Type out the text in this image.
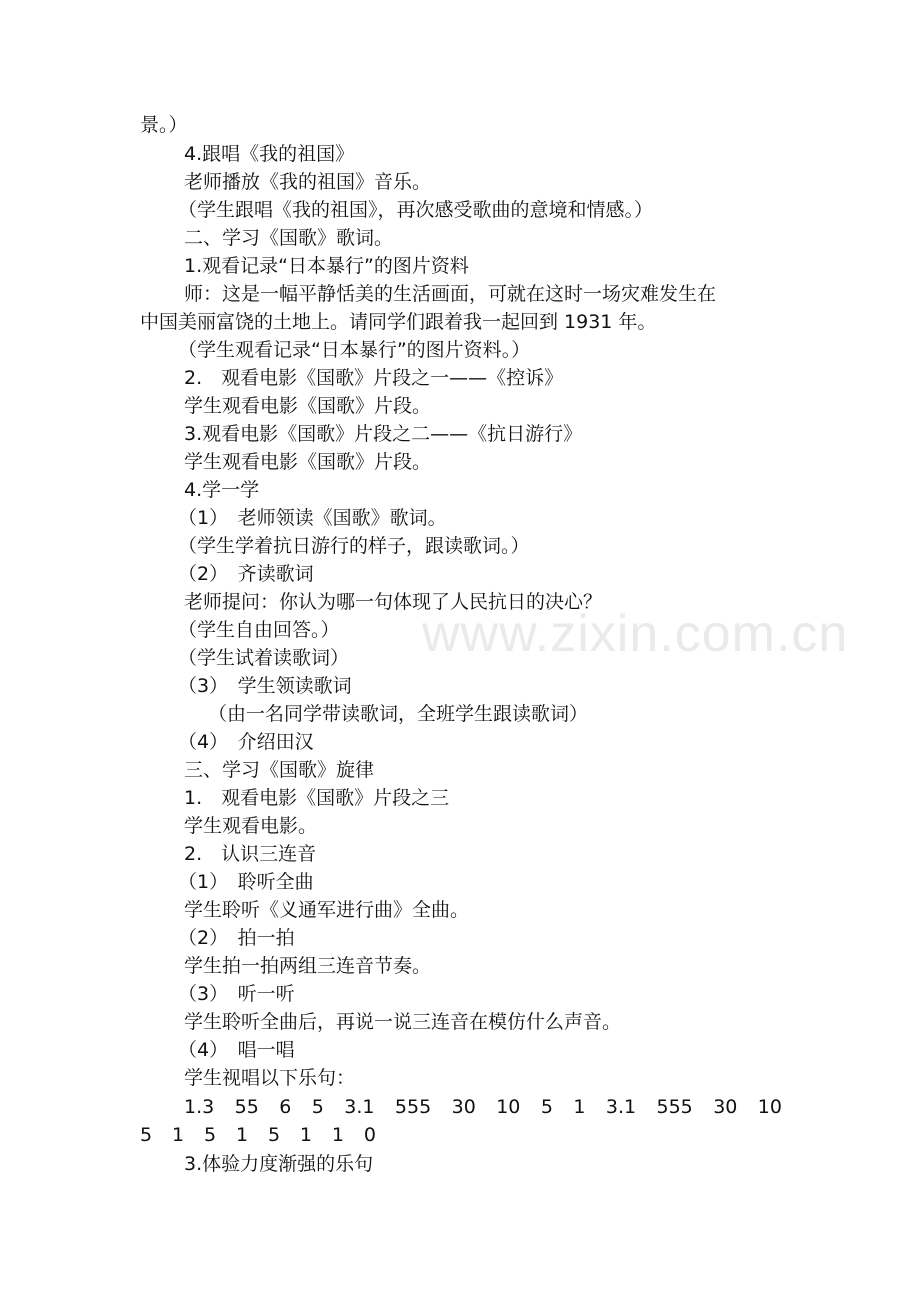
景。）
4.跟唱《我的祖国》
老师播放《我的祖国》音乐。
（学生跟唱《我的祖国》，再次感受歌曲的意境和情感。）
二、学习《国歌》歌词。
1.观看记录“日本暴行”的图片资料
师：这是一幅平静恬美的生活画面，可就在这时一场灾难发生在
中国美丽富饶的土地上。请同学们跟着我一起回到 1931 年。
（学生观看记录“日本暴行”的图片资料。）
2.　观看电影《国歌》片段之一——《控诉》
学生观看电影《国歌》片段。
3.观看电影《国歌》片段之二——《抗日游行》
学生观看电影《国歌》片段。
4.学一学
（1）　老师领读《国歌》歌词。
（学生学着抗日游行的样子，跟读歌词。）
（2）　齐读歌词
老师提问：你认为哪一句体现了人民抗日的决心？
（学生自由回答。）
（学生试着读歌词）
（3）　学生领读歌词
（由一名同学带读歌词，全班学生跟读歌词）
（4）　介绍田汉
三、学习《国歌》旋律
1.　观看电影《国歌》片段之三
学生观看电影。
2.　认识三连音
（1）　聆听全曲
学生聆听《义通军进行曲》全曲。
（2）　拍一拍
学生拍一拍两组三连音节奏。
（3）　听一听
学生聆听全曲后，再说一说三连音在模仿什么声音。
（4）　唱一唱
学生视唱以下乐句：
1.3 55 6 5 3.1 555 30 10 5 1 3.1 555 30 10
5 1 5 1 5 1 1 0
3.体验力度渐强的乐句
www.zixin.com.cn
